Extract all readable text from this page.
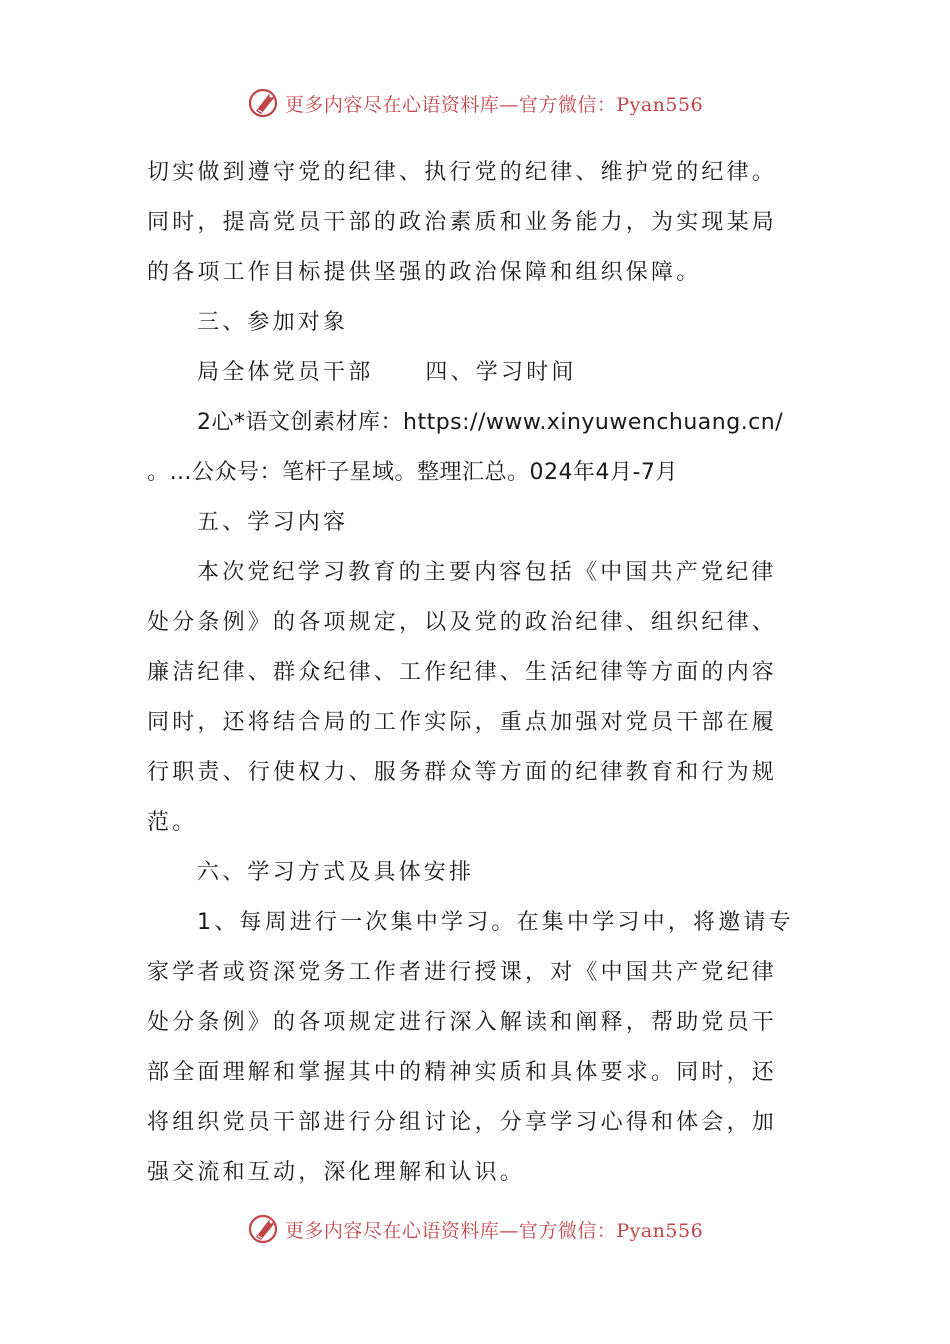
更多内容尽在心语资料库—官方微信：Pyan556
切实做到遵守党的纪律、执行党的纪律、维护党的纪律。
同时，提高党员干部的政治素质和业务能力，为实现某局
的各项工作目标提供坚强的政治保障和组织保障。
三、参加对象
局全体党员干部 四、学习时间
2心*语文创素材库：https://www.xinyuwenchuang.cn/
。…公众号：笔杆子星域。整理汇总。024年4月-7月
五、学习内容
本次党纪学习教育的主要内容包括《中国共产党纪律
处分条例》的各项规定，以及党的政治纪律、组织纪律、
廉洁纪律、群众纪律、工作纪律、生活纪律等方面的内容
同时，还将结合局的工作实际，重点加强对党员干部在履
行职责、行使权力、服务群众等方面的纪律教育和行为规
范。
六、学习方式及具体安排
1、每周进行一次集中学习。在集中学习中，将邀请专
家学者或资深党务工作者进行授课，对《中国共产党纪律
处分条例》的各项规定进行深入解读和阐释，帮助党员干
部全面理解和掌握其中的精神实质和具体要求。同时，还
将组织党员干部进行分组讨论，分享学习心得和体会，加
强交流和互动，深化理解和认识。
更多内容尽在心语资料库—官方微信：Pyan556
